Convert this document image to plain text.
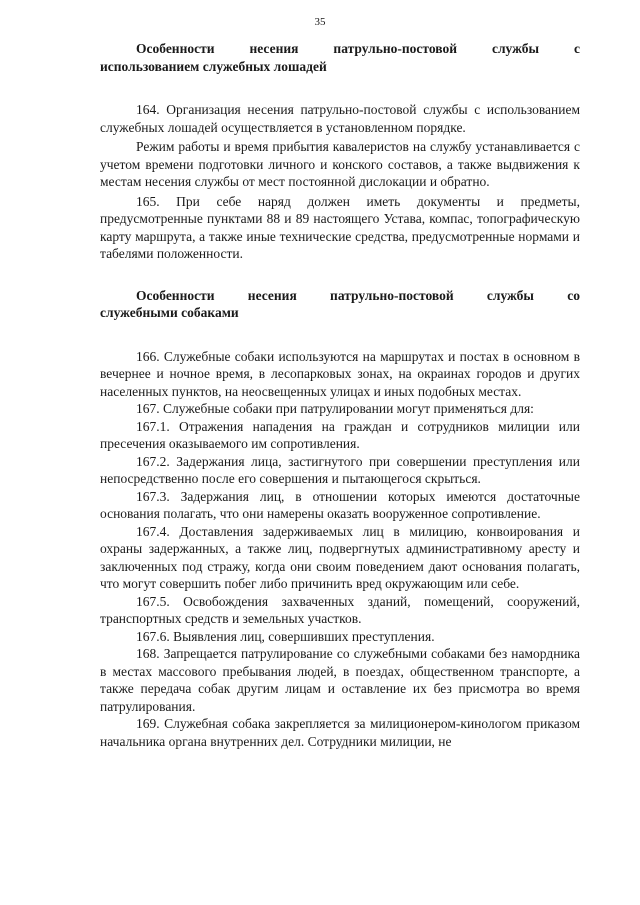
35
Особенности несения патрульно-постовой службы с
использованием служебных лошадей

164. Организация несения патрульно-постовой службы с использованием служебных лошадей осуществляется в установленном порядке.

Режим работы и время прибытия кавалеристов на службу устанавливается с учетом времени подготовки личного и конского составов, а также выдвижения к местам несения службы от мест постоянной дислокации и обратно.

165. При себе наряд должен иметь документы и предметы, предусмотренные пунктами 88 и 89 настоящего Устава, компас, топографическую карту маршрута, а также иные технические средства, предусмотренные нормами и табелями положенности.

Особенности несения патрульно-постовой службы со
служебными собаками

166. Служебные собаки используются на маршрутах и постах в основном в вечернее и ночное время, в лесопарковых зонах, на окраинах городов и других населенных пунктов, на неосвещенных улицах и иных подобных местах.

167. Служебные собаки при патрулировании могут применяться для:

167.1. Отражения нападения на граждан и сотрудников милиции или пресечения оказываемого им сопротивления.

167.2. Задержания лица, застигнутого при совершении преступления или непосредственно после его совершения и пытающегося скрыться.

167.3. Задержания лиц, в отношении которых имеются достаточные основания полагать, что они намерены оказать вооруженное сопротивление.

167.4. Доставления задерживаемых лиц в милицию, конвоирования и охраны задержанных, а также лиц, подвергнутых административному аресту и заключенных под стражу, когда они своим поведением дают основания полагать, что могут совершить побег либо причинить вред окружающим или себе.

167.5. Освобождения захваченных зданий, помещений, сооружений, транспортных средств и земельных участков.

167.6. Выявления лиц, совершивших преступления.

168. Запрещается патрулирование со служебными собаками без намордника в местах массового пребывания людей, в поездах, общественном транспорте, а также передача собак другим лицам и оставление их без присмотра во время патрулирования.

169. Служебная собака закрепляется за милиционером-кинологом приказом начальника органа внутренних дел. Сотрудники милиции, не
